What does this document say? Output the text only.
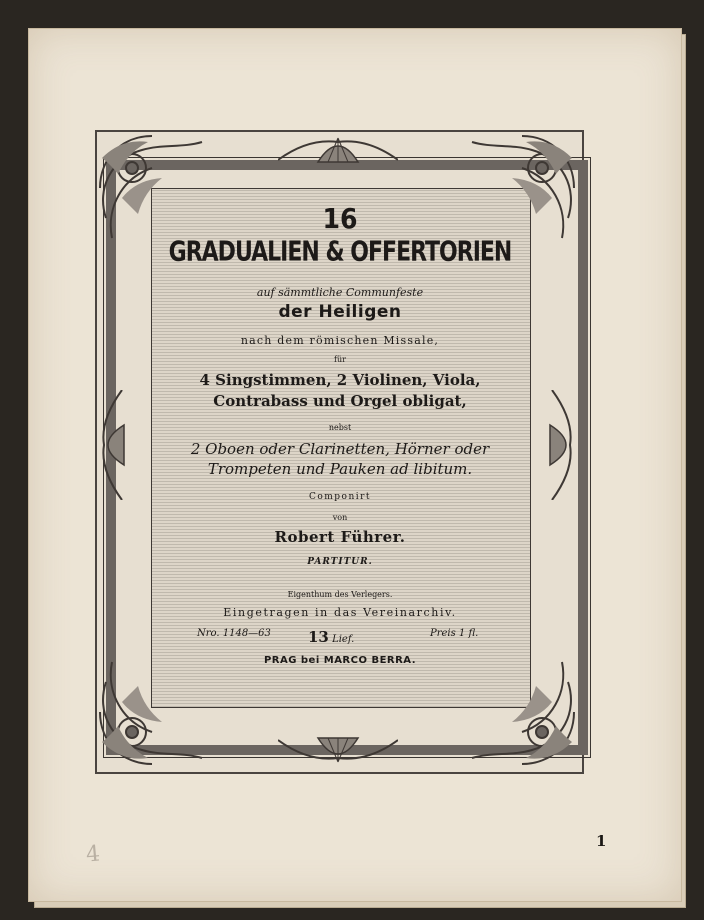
16
GRADUALIEN & OFFERTORIEN
auf sämmtliche Communfeste
der Heiligen
nach dem römischen Missale,
für
4 Singstimmen, 2 Violinen, Viola,
Contrabass und Orgel obligat,
nebst
2 Oboen oder Clarinetten, Hörner oder
Trompeten und Pauken ad libitum.
Componirt
von
Robert Führer.
PARTITUR.
Eigenthum des Verlegers.
Eingetragen in das Vereinarchiv.
Nro. 1148—63 13 Lief.
Preis 1 fl.
PRAG bei MARCO BERRA.
4
1
